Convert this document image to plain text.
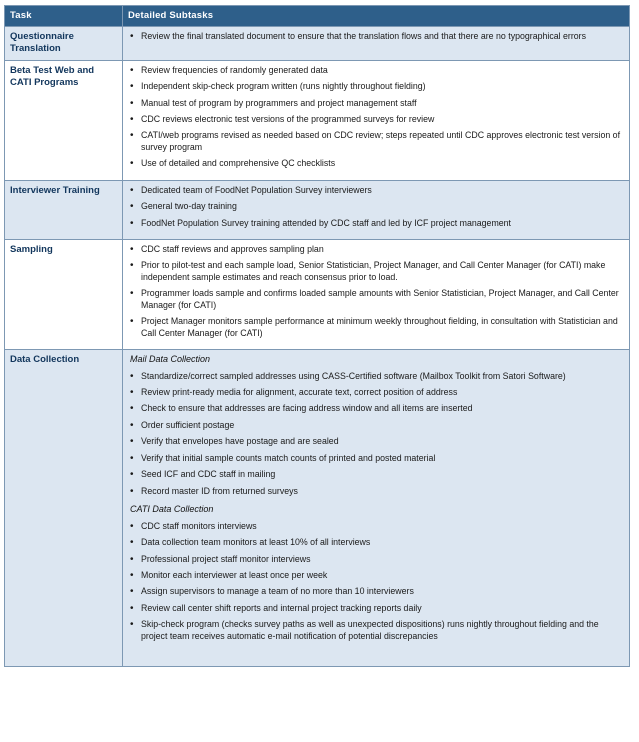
Task	Detailed Subtasks
Questionnaire Translation	
• Review the final translated document to ensure that the translation flows and that there are no typographical errors

Beta Test Web and CATI Programs	
• Review frequencies of randomly generated data
• Independent skip-check program written (runs nightly throughout fielding)
• Manual test of program by programmers and project management staff
• CDC reviews electronic test versions of the programmed surveys for review
• CATI/web programs revised as needed based on CDC review; steps repeated until CDC approves electronic test version of survey program
• Use of detailed and comprehensive QC checklists

Interviewer Training	
•Dedicated team of FoodNet Population Survey interviewers
• General two-day training
• FoodNet Population Survey training attended by CDC staff and led by ICF project management

Sampling	
•CDC staff reviews and approves sampling plan
• Prior to pilot-test and each sample load, Senior Statistician, Project Manager, and Call Center Manager (for CATI) make independent sample estimates and reach consensus prior to load.
• Programmer loads sample and confirms loaded sample amounts with Senior Statistician, Project Manager, and Call Center Manager (for CATI)
• Project Manager monitors sample performance at minimum weekly throughout fielding, in consultation with Statistician and Call Center Manager (for CATI)

Data Collection	Mail Data Collection
• Standardize/correct sampled addresses using CASS-Certified software (Mailbox Toolkit from Satori Software)
• Review print-ready media for alignment, accurate text, correct position of address
• Check to ensure that addresses are facing address window and all items are inserted
• Order sufficient postage
• Verify that envelopes have postage and are sealed
• Verify that initial sample counts match counts of printed and posted material
• Seed ICF and CDC staff in mailing
• Record master ID from returned surveys
CATI Data Collection
• CDC staff monitors interviews
• Data collection team monitors at least 10% of all interviews
• Professional project staff monitor interviews
• Monitor each interviewer at least once per week
• Assign supervisors to manage a team of no more than 10 interviewers
• Review call center shift reports and internal project tracking reports daily
• Skip-check program (checks survey paths as well as unexpected dispositions) runs nightly throughout fielding and the project team receives automatic e-mail notification of potential discrepancies
